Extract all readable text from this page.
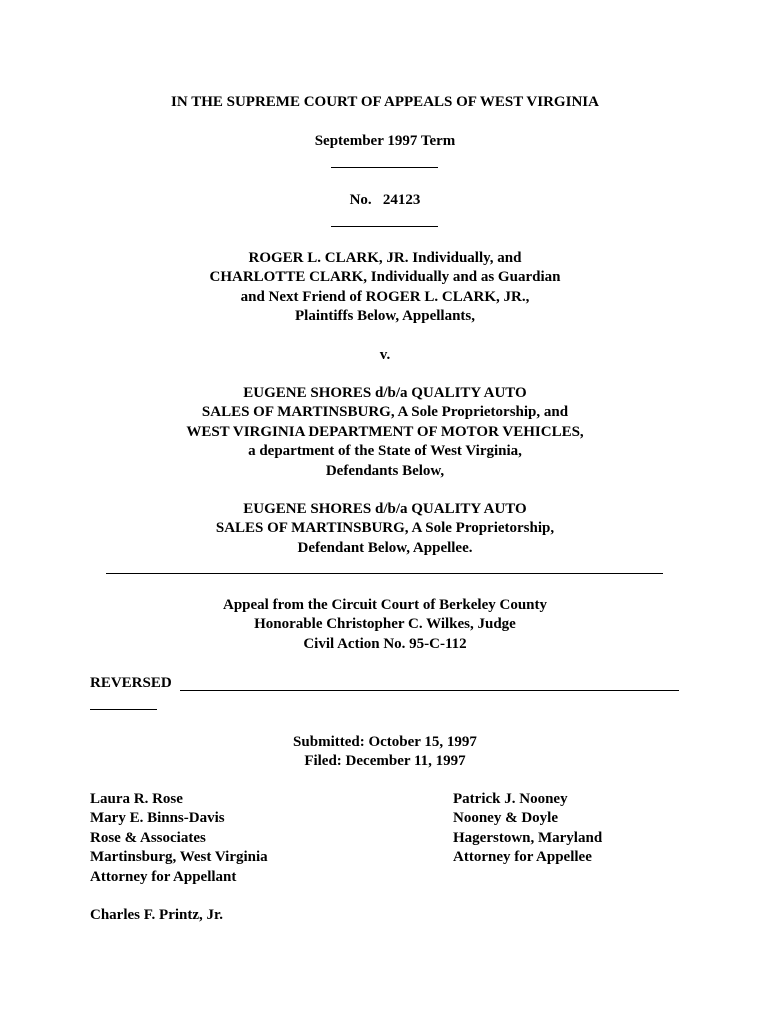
IN THE SUPREME COURT OF APPEALS OF WEST VIRGINIA
September 1997 Term
No.   24123
ROGER L. CLARK, JR. Individually, and
CHARLOTTE CLARK, Individually and as Guardian
and Next Friend of ROGER L. CLARK, JR.,
Plaintiffs Below, Appellants,
v.
EUGENE SHORES d/b/a QUALITY AUTO
SALES OF MARTINSBURG, A Sole Proprietorship, and
WEST VIRGINIA DEPARTMENT OF MOTOR VEHICLES,
a department of the State of West Virginia,
Defendants Below,
EUGENE SHORES d/b/a QUALITY AUTO
SALES OF MARTINSBURG, A Sole Proprietorship,
Defendant Below, Appellee.
Appeal from the Circuit Court of Berkeley County
Honorable Christopher C. Wilkes, Judge
Civil Action No. 95-C-112
REVERSED
Submitted: October 15, 1997
Filed: December 11, 1997
Laura R. Rose
Mary E. Binns-Davis
Rose & Associates
Martinsburg, West Virginia
Attorney for Appellant
Patrick J. Nooney
Nooney & Doyle
Hagerstown, Maryland
Attorney for Appellee
Charles F. Printz, Jr.
